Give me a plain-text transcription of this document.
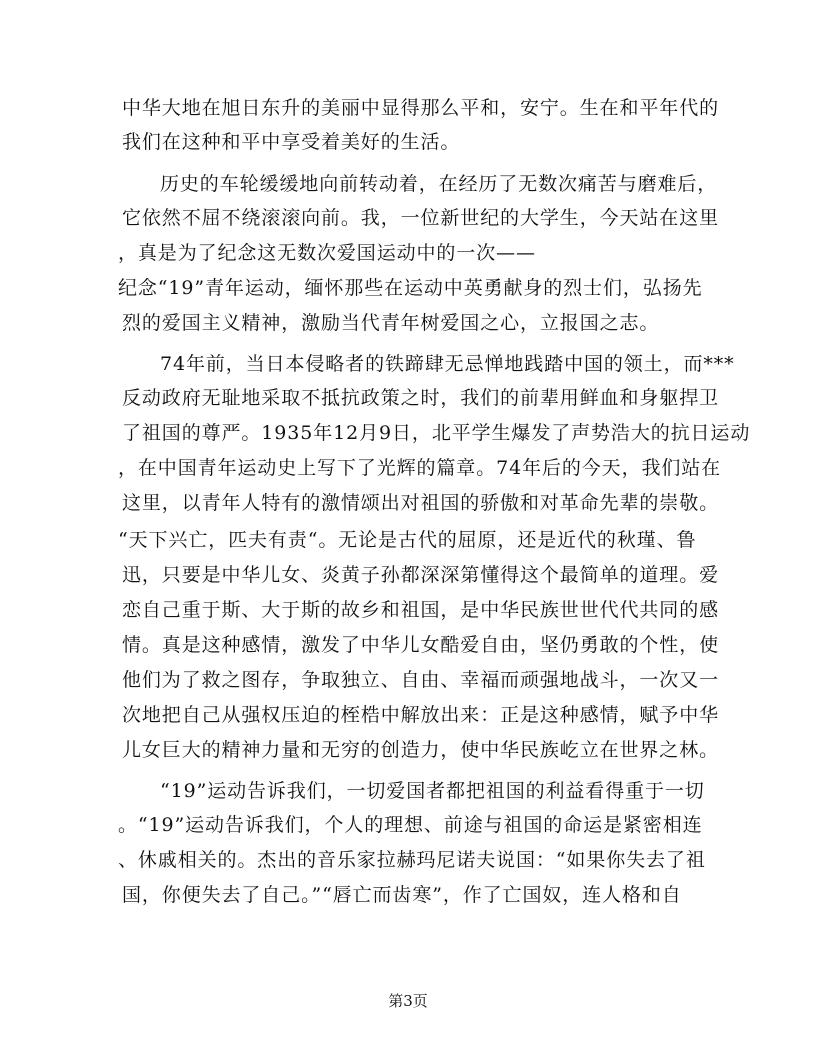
中华大地在旭日东升的美丽中显得那么平和，安宁。生在和平年代的
我们在这种和平中享受着美好的生活。
历史的车轮缓缓地向前转动着，在经历了无数次痛苦与磨难后，
它依然不屈不绕滚滚向前。我，一位新世纪的大学生，今天站在这里
，真是为了纪念这无数次爱国运动中的一次——
纪念“19”青年运动，缅怀那些在运动中英勇献身的烈士们，弘扬先
烈的爱国主义精神，激励当代青年树爱国之心，立报国之志。
74年前，当日本侵略者的铁蹄肆无忌惮地践踏中国的领土，而***
反动政府无耻地采取不抵抗政策之时，我们的前辈用鲜血和身躯捍卫
了祖国的尊严。1935年12月9日，北平学生爆发了声势浩大的抗日运动
，在中国青年运动史上写下了光辉的篇章。74年后的今天，我们站在
这里，以青年人特有的激情颂出对祖国的骄傲和对革命先辈的崇敬。
“天下兴亡，匹夫有责“。无论是古代的屈原，还是近代的秋瑾、鲁
迅，只要是中华儿女、炎黄子孙都深深第懂得这个最简单的道理。爱
恋自己重于斯、大于斯的故乡和祖国，是中华民族世世代代共同的感
情。真是这种感情，激发了中华儿女酷爱自由，坚仍勇敢的个性，使
他们为了救之图存，争取独立、自由、幸福而顽强地战斗，一次又一
次地把自己从强权压迫的桎梏中解放出来：正是这种感情，赋予中华
儿女巨大的精神力量和无穷的创造力，使中华民族屹立在世界之林。
“19”运动告诉我们，一切爱国者都把祖国的利益看得重于一切
。“19”运动告诉我们，个人的理想、前途与祖国的命运是紧密相连
、休戚相关的。杰出的音乐家拉赫玛尼诺夫说国：“如果你失去了祖
国，你便失去了自己。”“唇亡而齿寒”，作了亡国奴，连人格和自
第3页
